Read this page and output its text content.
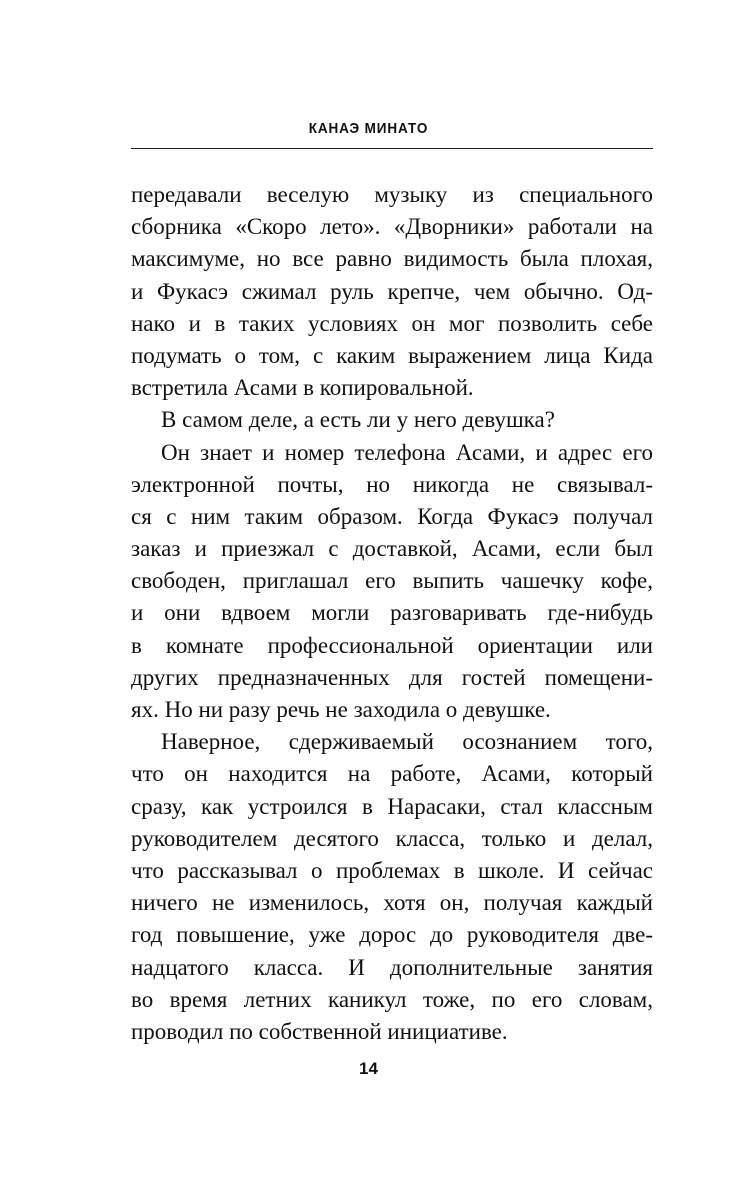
КАНАЭ МИНАТО
передавали веселую музыку из специального
сборника «Скоро лето». «Дворники» работали на
максимуме, но все равно видимость была плохая,
и Фукасэ сжимал руль крепче, чем обычно. Од-
нако и в таких условиях он мог позволить себе
подумать о том, с каким выражением лица Кида
встретила Асами в копировальной.
В самом деле, а есть ли у него девушка?
Он знает и номер телефона Асами, и адрес его
электронной почты, но никогда не связывал-
ся с ним таким образом. Когда Фукасэ получал
заказ и приезжал с доставкой, Асами, если был
свободен, приглашал его выпить чашечку кофе,
и они вдвоем могли разговаривать где-нибудь
в комнате профессиональной ориентации или
других предназначенных для гостей помещени-
ях. Но ни разу речь не заходила о девушке.
Наверное, сдерживаемый осознанием того,
что он находится на работе, Асами, который
сразу, как устроился в Нарасаки, стал классным
руководителем десятого класса, только и делал,
что рассказывал о проблемах в школе. И сейчас
ничего не изменилось, хотя он, получая каждый
год повышение, уже дорос до руководителя две-
надцатого класса. И дополнительные занятия
во время летних каникул тоже, по его словам,
проводил по собственной инициативе.
14
